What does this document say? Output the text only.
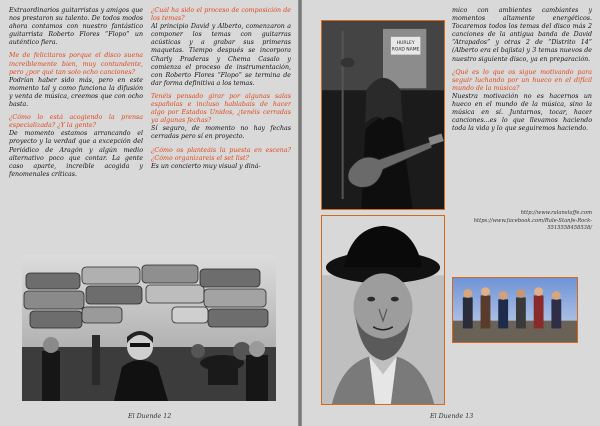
Extraordinarios guitarristas y amigos que nos prestaron su talento. De todos modos ahora contamos con nuestro fantástico guitarrista Roberto Flores “Flopo” un auténtico fiera.

Me de felicitaros porque el disco suena increíblemente bien, muy contundente, pero ¿por qué tan solo ocho canciones?

Podrían haber sido más, pero en este momento tal y como funciona la difusión y venta de música, creemos que con ocho basta.

¿Cómo lo está acogiendo la prensa especializada? ¿Y la gente?

De momento estamos arrancando el proyecto y la verdad que a excepción del Periódico de Aragón y algún medio alternativo poco que contar. La gente caso aparte, increíble acogida y fenomenales críticas.

¿Cuál ha sido el proceso de composición de los temas?

Al principio David y Alberto, comenzaron a componer los temas con guitarras acústicas y a grabar sus primeras maquetas. Tiempo después se incorpora Charly Praderas y Chema Casalo y comienza el proceso de instrumentación, con Roberto Flores “Flopo” se termina de dar forma definitiva a los temas.

Tenéis pensado girar por algunas salas españolas e incluso hablabais de hacer algo por Estados Unidos, ¿tenéis cerradas ya algunas fechas?

Sí seguro, de momento no hay fechas cerradas pero sí en proyecto.

¿Cómo os planteáis la puesta en escena? ¿Cómo organizareis el set list?

Es un concierto muy visual y diná-

El Duende 12
HURLEY
ROAD NAME

mico con ambientes cambiantes y momentos altamente energéticos. Tocaremos todos los temas del disco más 2 canciones de la antigua banda de David “Atrapados” y otras 2 de “Distrito 14” (Alberto era el bajista) y 3 temas nuevos de nuestro siguiente disco, ya en preparación.

¿Qué es lo que os sigue motivando para seguir luchando por un hueco en el difícil mundo de la música?

Nuestra motivación no es hacernos un hueco en el mundo de la música, sino la música en sí. Juntarnos, tocar, hacer canciones...es lo que llevamos haciendo toda la vida y lo que seguiremos haciendo.

http://www.ralanstaffe.com
https://www.facebook.com/Rale-Stanfe-Rock-5515558458538/
El Duende 13
